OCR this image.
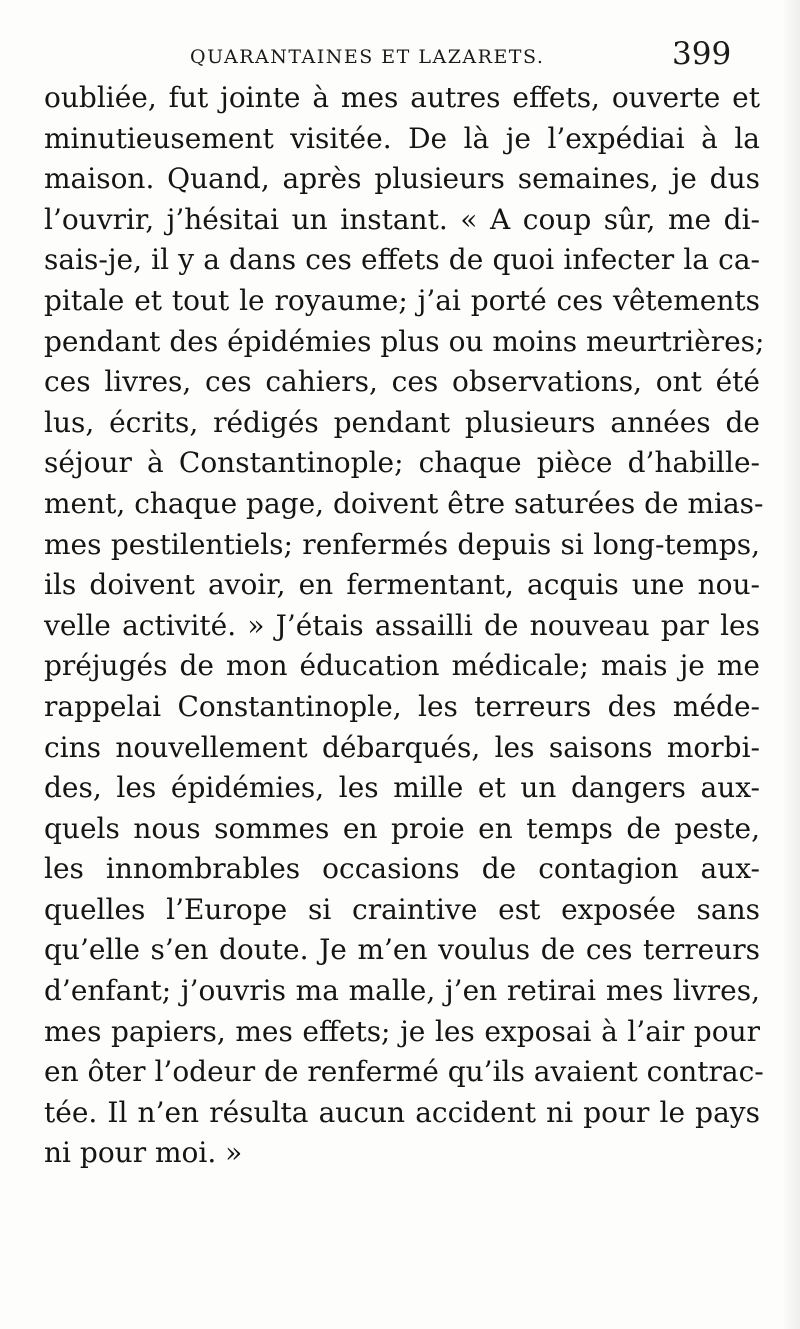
QUARANTAINES ET LAZARETS.	399
oubliée, fut jointe à mes autres effets, ouverte et
minutieusement visitée. De là je l’expédiai à la
maison. Quand, après plusieurs semaines, je dus
l’ouvrir, j’hésitai un instant. « A coup sûr, me di-
sais-je, il y a dans ces effets de quoi infecter la ca-
pitale et tout le royaume; j’ai porté ces vêtements
pendant des épidémies plus ou moins meurtrières;
ces livres, ces cahiers, ces observations, ont été
lus, écrits, rédigés pendant plusieurs années de
séjour à Constantinople; chaque pièce d’habille-
ment, chaque page, doivent être saturées de mias-
mes pestilentiels; renfermés depuis si long-temps,
ils doivent avoir, en fermentant, acquis une nou-
velle activité. » J’étais assailli de nouveau par les
préjugés de mon éducation médicale; mais je me
rappelai Constantinople, les terreurs des méde-
cins nouvellement débarqués, les saisons morbi-
des, les épidémies, les mille et un dangers aux-
quels nous sommes en proie en temps de peste,
les innombrables occasions de contagion aux-
quelles l’Europe si craintive est exposée sans
qu’elle s’en doute. Je m’en voulus de ces terreurs
d’enfant; j’ouvris ma malle, j’en retirai mes livres,
mes papiers, mes effets; je les exposai à l’air pour
en ôter l’odeur de renfermé qu’ils avaient contrac-
tée. Il n’en résulta aucun accident ni pour le pays
ni pour moi. »
